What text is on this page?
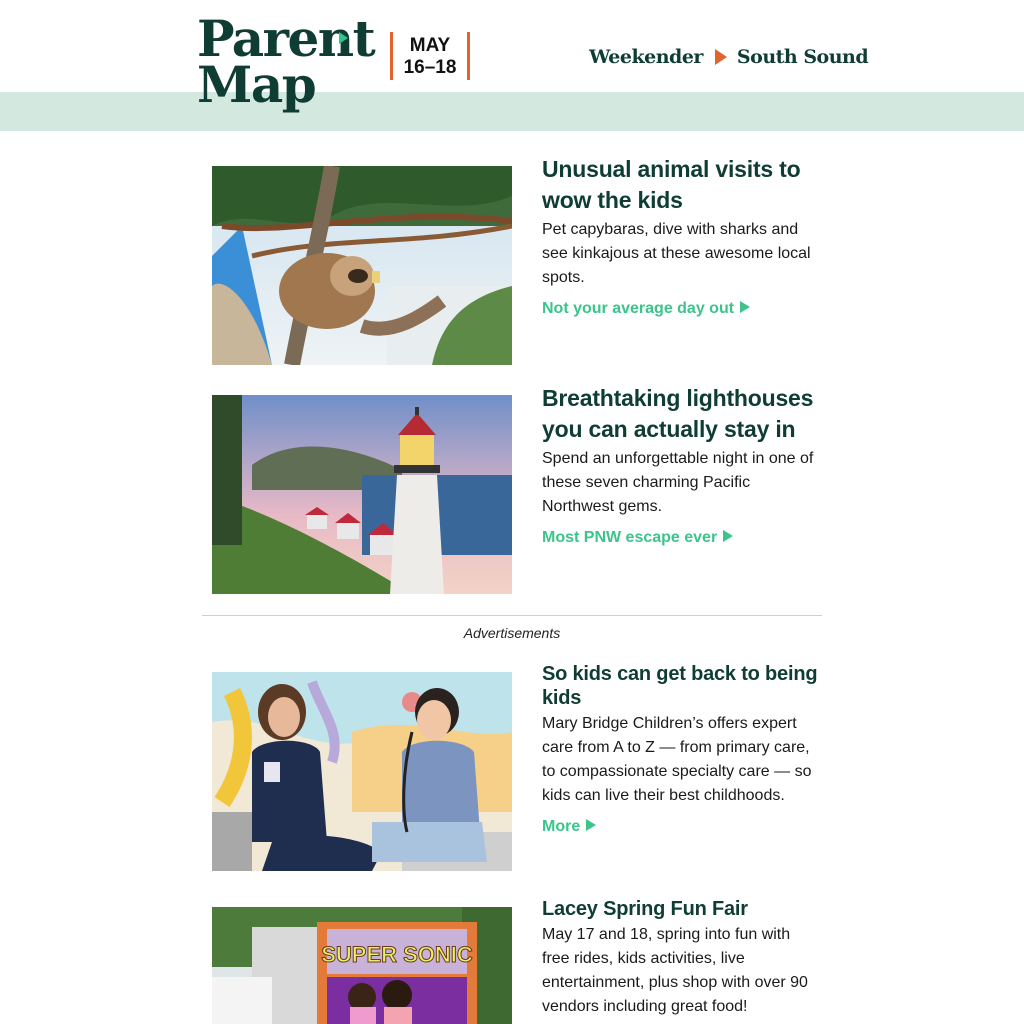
Parent
Map
MAY
16–18	Weekender South Sound
Unusual animal visits to wow the kids

Pet capybaras, dive with sharks and see kinkajous at these awesome local spots.

Not your average day out
Breathtaking lighthouses you can actually stay in

Spend an unforgettable night in one of these seven charming Pacific Northwest gems.

Most PNW escape ever
Advertisements
So kids can get back to being kids

Mary Bridge Children’s offers expert care from A to Z — from primary care, to compassionate specialty care — so kids can live their best childhoods.

More
SUPER SONIC
Lacey Spring Fun Fair

May 17 and 18, spring into fun with free rides, kids activities, live entertainment, plus shop with over 90 vendors including great food!
